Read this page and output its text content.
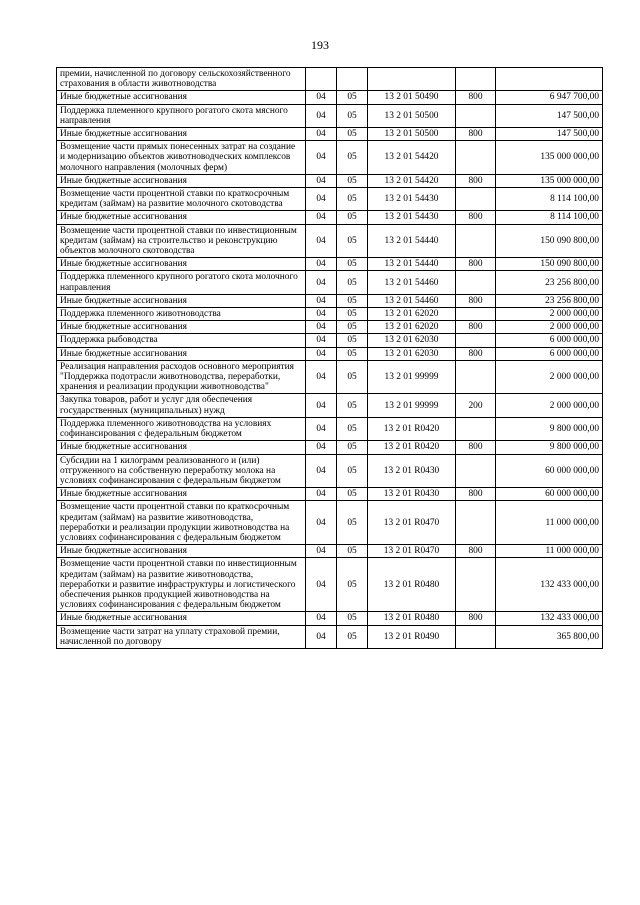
193
премии, начисленной по договору сельскохозяйственного страхования в области животноводства					
Иные бюджетные ассигнования	04	05	13 2 01 50490	800	6 947 700,00
Поддержка племенного крупного рогатого скота мясного направления	04	05	13 2 01 50500		147 500,00
Иные бюджетные ассигнования	04	05	13 2 01 50500	800	147 500,00
Возмещение части прямых понесенных затрат на создание и модернизацию объектов животноводческих комплексов молочного направления (молочных ферм)	04	05	13 2 01 54420		135 000 000,00
Иные бюджетные ассигнования	04	05	13 2 01 54420	800	135 000 000,00
Возмещение части процентной ставки по краткосрочным кредитам (займам) на развитие молочного скотоводства	04	05	13 2 01 54430		8 114 100,00
Иные бюджетные ассигнования	04	05	13 2 01 54430	800	8 114 100,00
Возмещение части процентной ставки по инвестиционным кредитам (займам) на строительство и реконструкцию объектов молочного скотоводства	04	05	13 2 01 54440		150 090 800,00
Иные бюджетные ассигнования	04	05	13 2 01 54440	800	150 090 800,00
Поддержка племенного крупного рогатого скота молочного направления	04	05	13 2 01 54460		23 256 800,00
Иные бюджетные ассигнования	04	05	13 2 01 54460	800	23 256 800,00
Поддержка племенного животноводства	04	05	13 2 01 62020		2 000 000,00
Иные бюджетные ассигнования	04	05	13 2 01 62020	800	2 000 000,00
Поддержка рыбоводства	04	05	13 2 01 62030		6 000 000,00
Иные бюджетные ассигнования	04	05	13 2 01 62030	800	6 000 000,00
Реализация направления расходов основного мероприятия "Поддержка подотрасли животноводства, переработки, хранения и реализации продукции животноводства"	04	05	13 2 01 99999		2 000 000,00
Закупка товаров, работ и услуг для обеспечения государственных (муниципальных) нужд	04	05	13 2 01 99999	200	2 000 000,00
Поддержка племенного животноводства на условиях софинансирования с федеральным бюджетом	04	05	13 2 01 R0420		9 800 000,00
Иные бюджетные ассигнования	04	05	13 2 01 R0420	800	9 800 000,00
Субсидии на 1 килограмм реализованного и (или) отгруженного на собственную переработку молока на условиях софинансирования с федеральным бюджетом	04	05	13 2 01 R0430		60 000 000,00
Иные бюджетные ассигнования	04	05	13 2 01 R0430	800	60 000 000,00
Возмещение части процентной ставки по краткосрочным кредитам (займам) на развитие животноводства, переработки и реализации продукции животноводства на условиях софинансирования с федеральным бюджетом	04	05	13 2 01 R0470		11 000 000,00
Иные бюджетные ассигнования	04	05	13 2 01 R0470	800	11 000 000,00
Возмещение части процентной ставки по инвестиционным кредитам (займам) на развитие животноводства, переработки и развитие инфраструктуры и логистического обеспечения рынков продукцией животноводства на условиях софинансирования с федеральным бюджетом	04	05	13 2 01 R0480		132 433 000,00
Иные бюджетные ассигнования	04	05	13 2 01 R0480	800	132 433 000,00
Возмещение части затрат на уплату страховой премии, начисленной по договору	04	05	13 2 01 R0490		365 800,00
